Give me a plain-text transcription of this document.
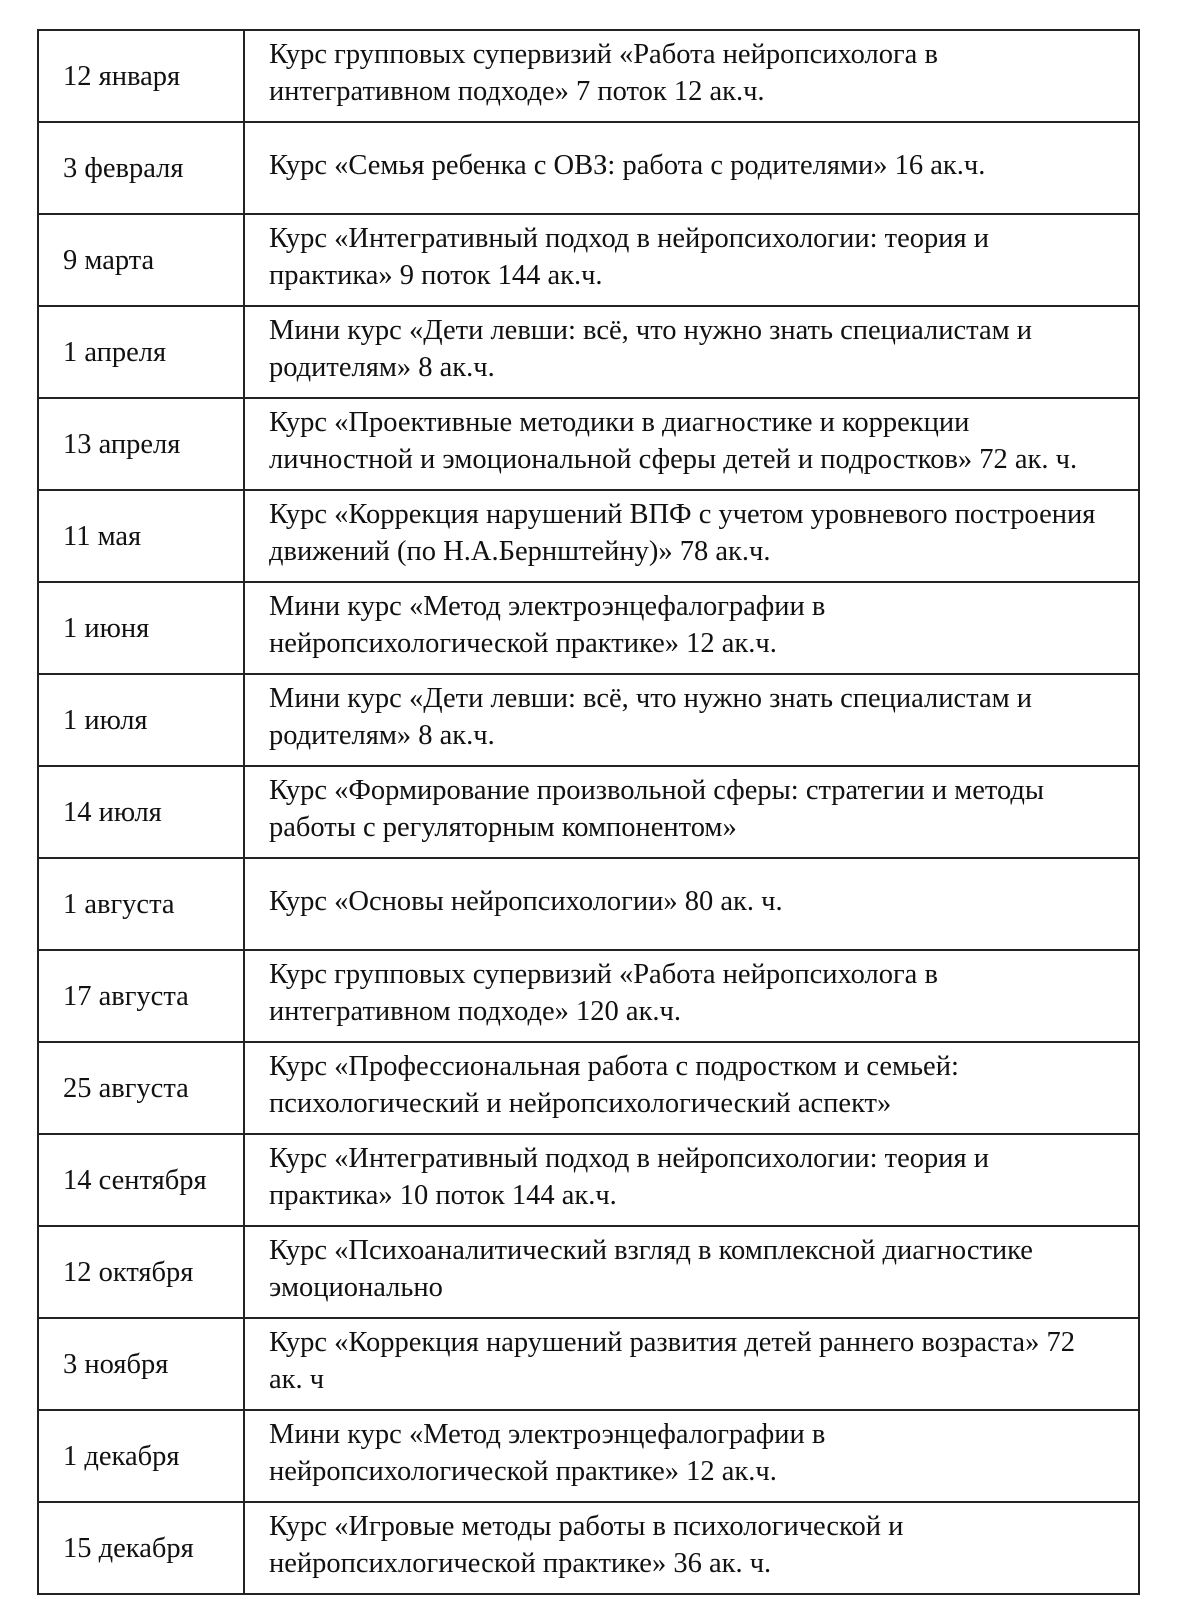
12 января	Курс групповых супервизий «Работа нейропсихолога в
интегративном подходе» 7 поток 12 ак.ч.
3 февраля	Курс «Семья ребенка с ОВЗ: работа с родителями» 16 ак.ч.
9 марта	Курс «Интегративный подход в нейропсихологии: теория и
практика» 9 поток 144 ак.ч.
1 апреля	Мини курс «Дети левши: всё, что нужно знать специалистам и
родителям» 8 ак.ч.
13 апреля	Курс «Проективные методики в диагностике и коррекции
личностной и эмоциональной сферы детей и подростков» 72 ак. ч.
11 мая	Курс «Коррекция нарушений ВПФ с учетом уровневого построения
движений (по Н.А.Бернштейну)» 78 ак.ч.
1 июня	Мини курс «Метод электроэнцефалографии в
нейропсихологической практике» 12 ак.ч.
1 июля	Мини курс «Дети левши: всё, что нужно знать специалистам и
родителям» 8 ак.ч.
14 июля	Курс «Формирование произвольной сферы: стратегии и методы
работы с регуляторным компонентом»
1 августа	Курс «Основы нейропсихологии» 80 ак. ч.
17 августа	Курс групповых супервизий «Работа нейропсихолога в
интегративном подходе» 120 ак.ч.
25 августа	Курс «Профессиональная работа с подростком и семьей:
психологический и нейропсихологический аспект»
14 сентября	Курс «Интегративный подход в нейропсихологии: теория и
практика» 10 поток 144 ак.ч.
12 октября	Курс «Психоаналитический взгляд в комплексной диагностике
эмоционально
3 ноября	Курс «Коррекция нарушений развития детей раннего возраста» 72
ак. ч
1 декабря	Мини курс «Метод электроэнцефалографии в
нейропсихологической практике» 12 ак.ч.
15 декабря	Курс «Игровые методы работы в психологической и
нейропсихлогической практике» 36 ак. ч.
